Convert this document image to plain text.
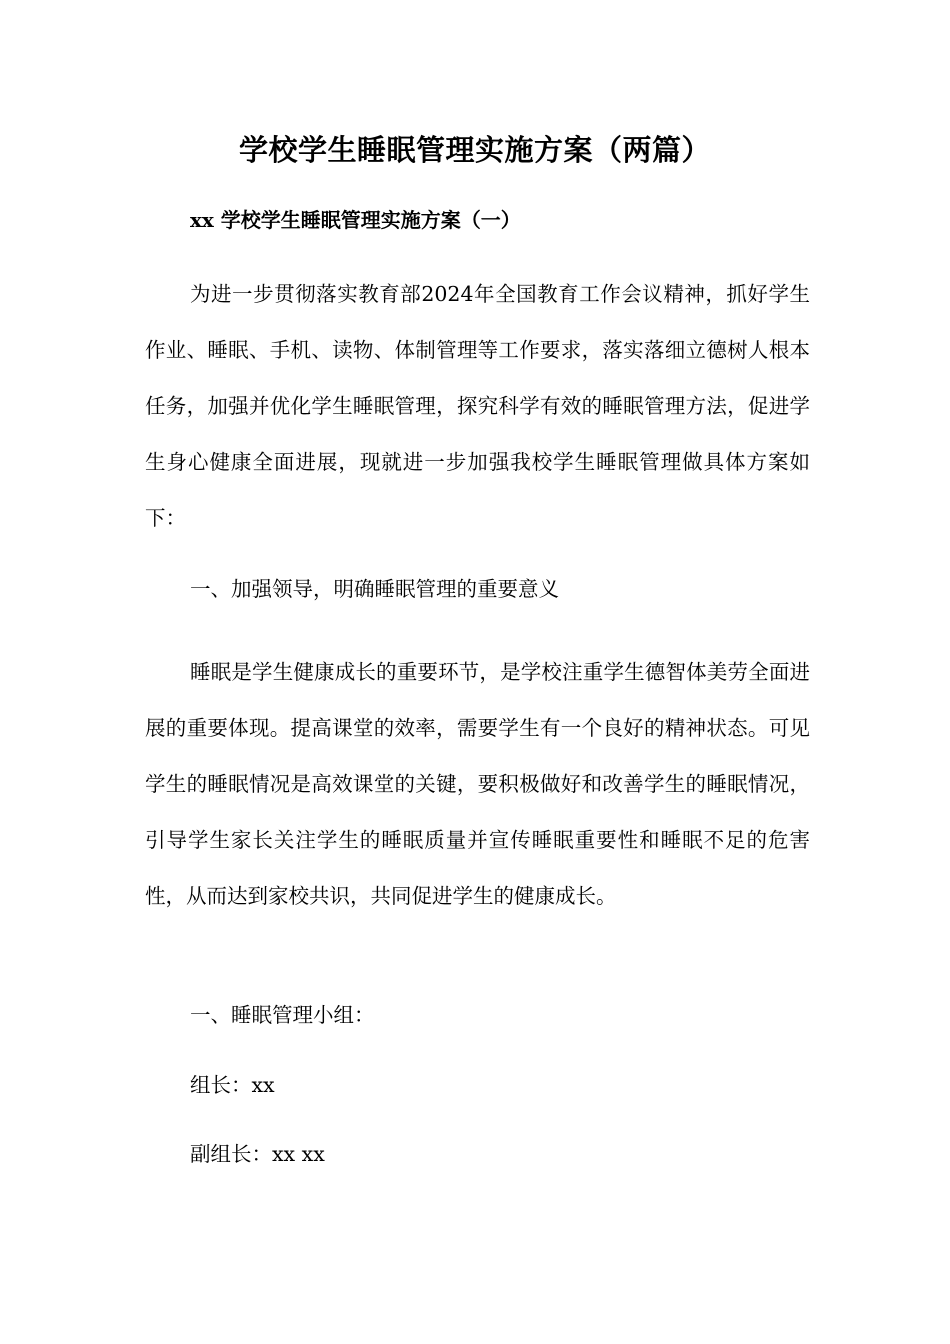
学校学生睡眠管理实施方案（两篇）
xx 学校学生睡眠管理实施方案（一）
为进一步贯彻落实教育部2024年全国教育工作会议精神，抓好学生作业、睡眠、手机、读物、体制管理等工作要求，落实落细立德树人根本任务，加强并优化学生睡眠管理，探究科学有效的睡眠管理方法，促进学生身心健康全面进展，现就进一步加强我校学生睡眠管理做具体方案如下：
一、加强领导，明确睡眠管理的重要意义
睡眠是学生健康成长的重要环节，是学校注重学生德智体美劳全面进展的重要体现。提高课堂的效率，需要学生有一个良好的精神状态。可见学生的睡眠情况是高效课堂的关键，要积极做好和改善学生的睡眠情况，引导学生家长关注学生的睡眠质量并宣传睡眠重要性和睡眠不足的危害性，从而达到家校共识，共同促进学生的健康成长。
一、睡眠管理小组：
组长：xx
副组长：xx xx
